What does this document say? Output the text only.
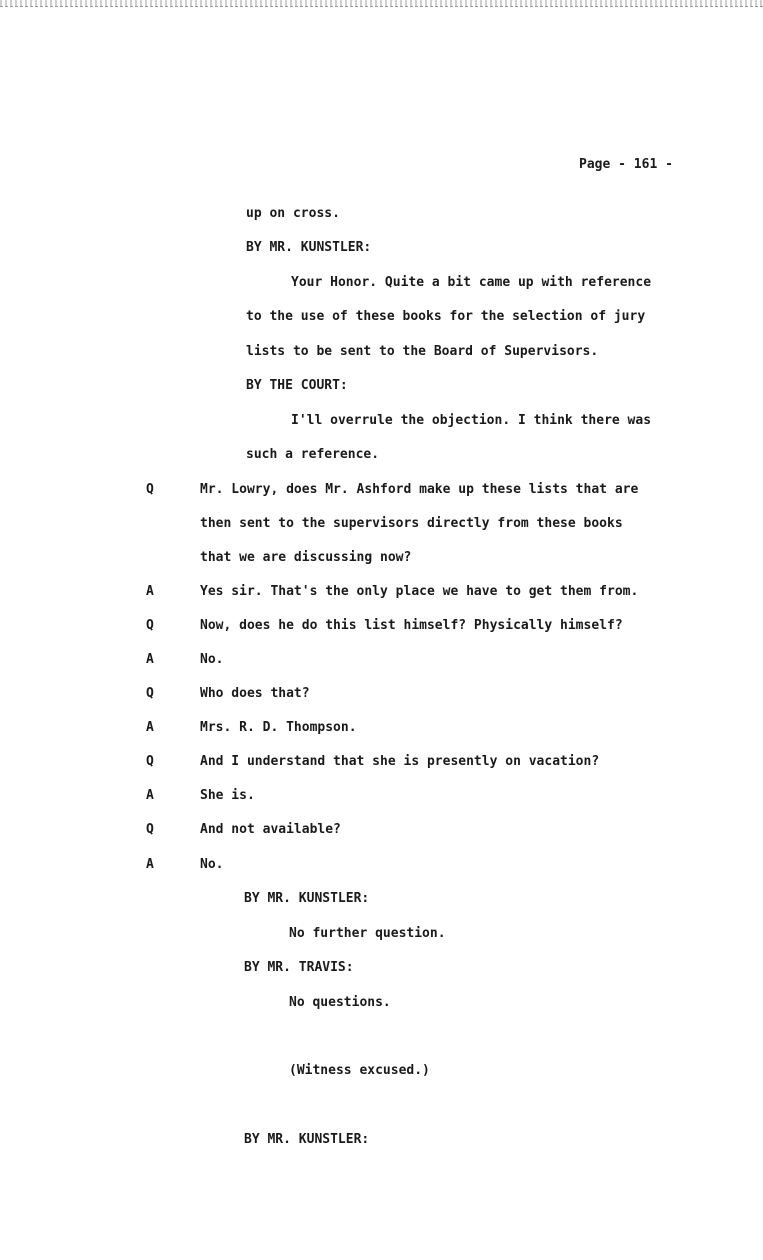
Page - 161 -
up on cross.
BY MR. KUNSTLER:
Your Honor. Quite a bit came up with reference
to the use of these books for the selection of jury
lists to be sent to the Board of Supervisors.
BY THE COURT:
I'll overrule the objection. I think there was
such a reference.
Q	Mr. Lowry, does Mr. Ashford make up these lists that are
then sent to the supervisors directly from these books
that we are discussing now?
A	Yes sir. That's the only place we have to get them from.
Q	Now, does he do this list himself? Physically himself?
A	No.
Q	Who does that?
A	Mrs. R. D. Thompson.
Q	And I understand that she is presently on vacation?
A	She is.
Q	And not available?
A	No.
BY MR. KUNSTLER:
No further question.
BY MR. TRAVIS:
No questions.
(Witness excused.)
BY MR. KUNSTLER:
